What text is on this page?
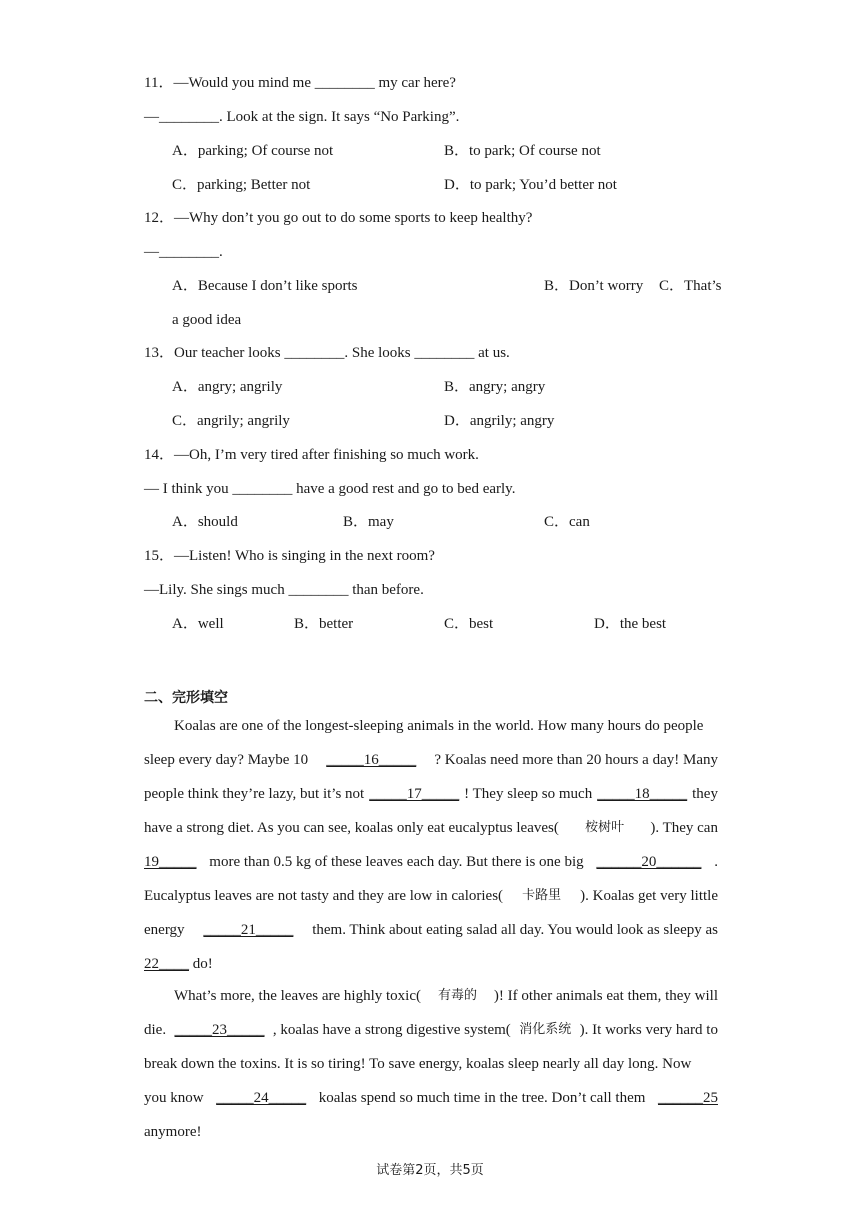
11．—Would you mind me ________ my car here?
—________. Look at the sign. It says “No Parking”.
A．parking; Of course not	B．to park; Of course not
C．parking; Better not	D．to park; You’d better not
12．—Why don’t you go out to do some sports to keep healthy?
—________.
A．Because I don’t like sports	B．Don’t worry C．That’s
a good idea
13．Our teacher looks ________. She looks ________ at us.
A．angry; angrily	B．angry; angry
C．angrily; angrily	D．angrily; angry
14．—Oh, I’m very tired after finishing so much work.
— I think you ________ have a good rest and go to bed early.
A．should	B．may	C．can
15．—Listen! Who is singing in the next room?
—Lily. She sings much ________ than before.
A．well	B．better	C．best	D．the best
二、完形填空
Koalas are one of the longest-sleeping animals in the world. How many hours do people
sleep every day? Maybe 10 _____16_____ ? Koalas need more than 20 hours a day! Many
people think they’re lazy, but it’s not _____17_____ ! They sleep so much _____18_____ they
have a strong diet. As you can see, koalas only eat eucalyptus leaves( 桉树叶 ). They can
19_____ more than 0.5 kg of these leaves each day. But there is one big ______20______ .
Eucalyptus leaves are not tasty and they are low in calories( 卡路里 ). Koalas get very little
energy _____21_____ them. Think about eating salad all day. You would look as sleepy as
22____ do!
What’s more, the leaves are highly toxic( 有毒的 )! If other animals eat them, they will
die. _____23_____ , koalas have a strong digestive system( 消化系统 ). It works very hard to
break down the toxins. It is so tiring! To save energy, koalas sleep nearly all day long. Now
you know _____24_____ koalas spend so much time in the tree. Don’t call them ______25
anymore!
试卷第2页，共5页
